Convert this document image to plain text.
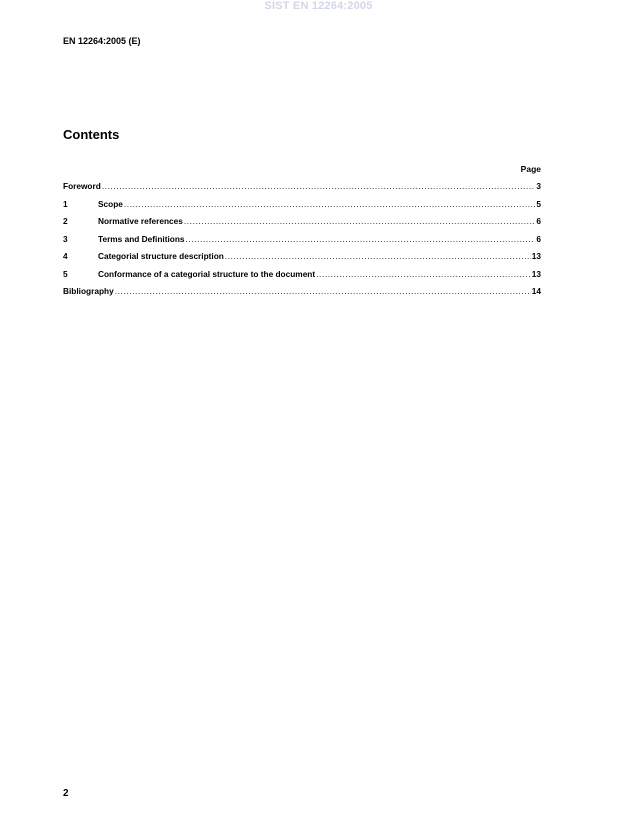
SIST EN 12264:2005
EN 12264:2005 (E)
Contents
Page
Foreword .....	3
1	Scope .....	5
2	Normative references .....	6
3	Terms and Definitions .....	6
4	Categorial structure description .....	13
5	Conformance of a categorial structure to the document .....	13
Bibliography .....	14
2
